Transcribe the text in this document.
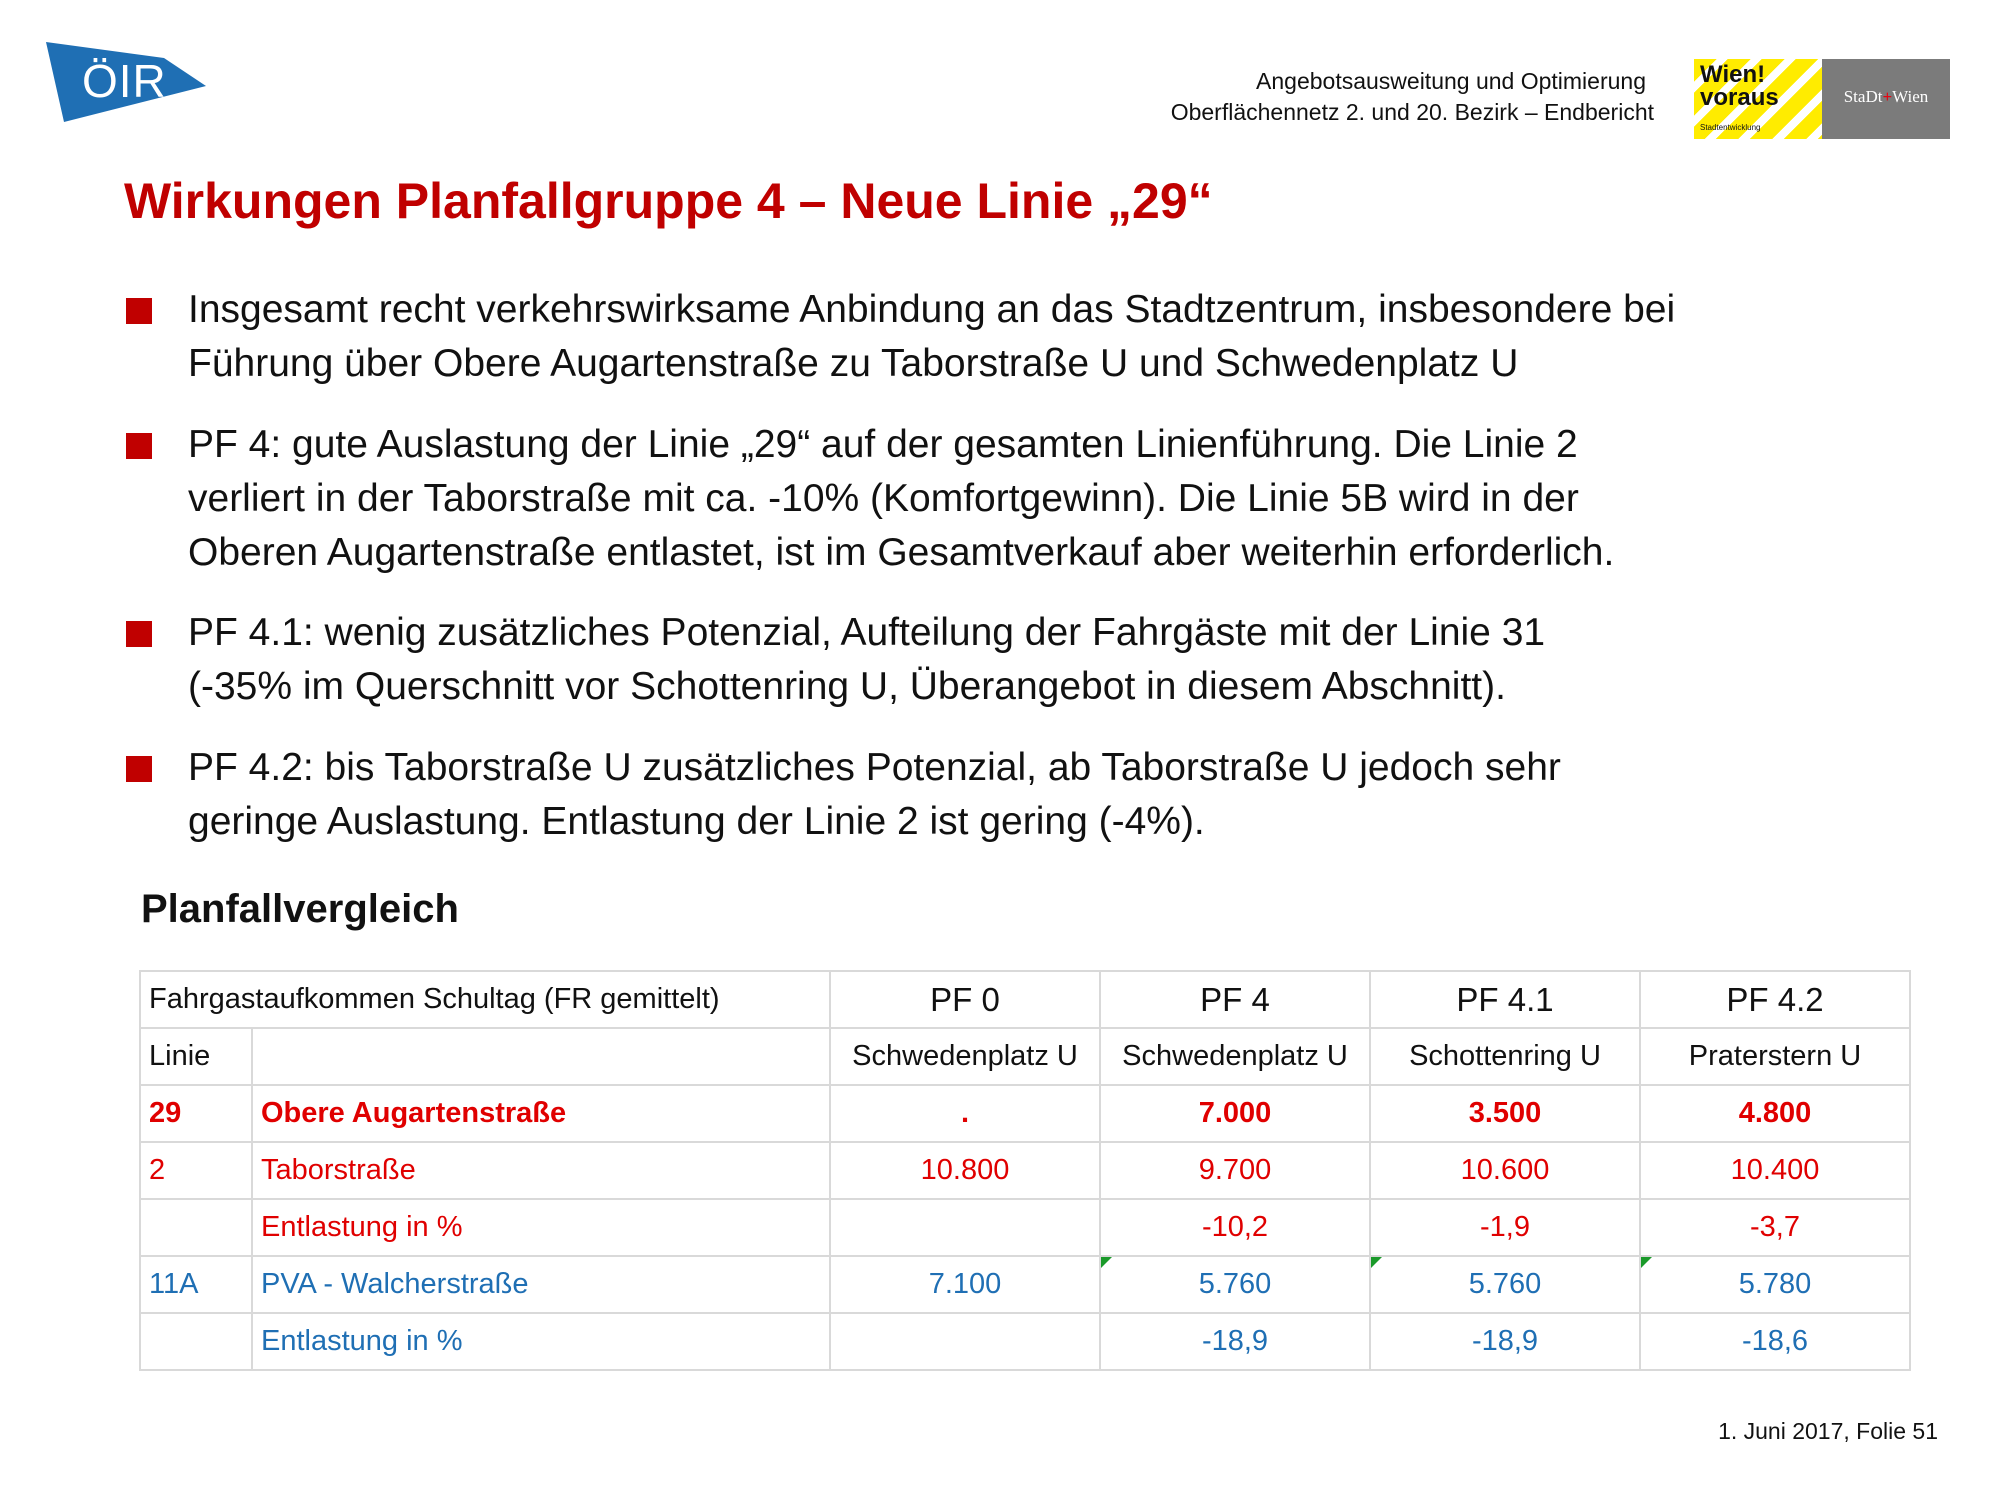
ÖIR	Angebotsausweitung und Optimierung
Oberflächennetz 2. und 20. Bezirk – Endbericht
Wien!
voraus
Stadtentwicklung
StaDt+Wien
Wirkungen Planfallgruppe 4 – Neue Linie „29“
Insgesamt recht verkehrswirksame Anbindung an das Stadtzentrum, insbesondere bei
Führung über Obere Augartenstraße zu Taborstraße U und Schwedenplatz U
PF 4: gute Auslastung der Linie „29“ auf der gesamten Linienführung. Die Linie 2
verliert in der Taborstraße mit ca. -10% (Komfortgewinn). Die Linie 5B wird in der
Oberen Augartenstraße entlastet, ist im Gesamtverkauf aber weiterhin erforderlich.
PF 4.1: wenig zusätzliches Potenzial, Aufteilung der Fahrgäste mit der Linie 31
(-35% im Querschnitt vor Schottenring U, Überangebot in diesem Abschnitt).
PF 4.2: bis Taborstraße U zusätzliches Potenzial, ab Taborstraße U jedoch sehr
geringe Auslastung. Entlastung der Linie 2 ist gering (-4%).
Planfallvergleich
Fahrgastaufkommen Schultag (FR gemittelt)		PF 0	PF 4	PF 4.1	PF 4.2
Linie		Schwedenplatz U	Schwedenplatz U	Schottenring U	Praterstern U
29	Obere Augartenstraße	.	7.000	3.500	4.800
2	Taborstraße	10.800	9.700	10.600	10.400
	Entlastung in %		-10,2	-1,9	-3,7
11A	PVA - Walcherstraße	7.100	5.760	5.760	5.780
	Entlastung in %		-18,9	-18,9	-18,6
1. Juni 2017, Folie 51
